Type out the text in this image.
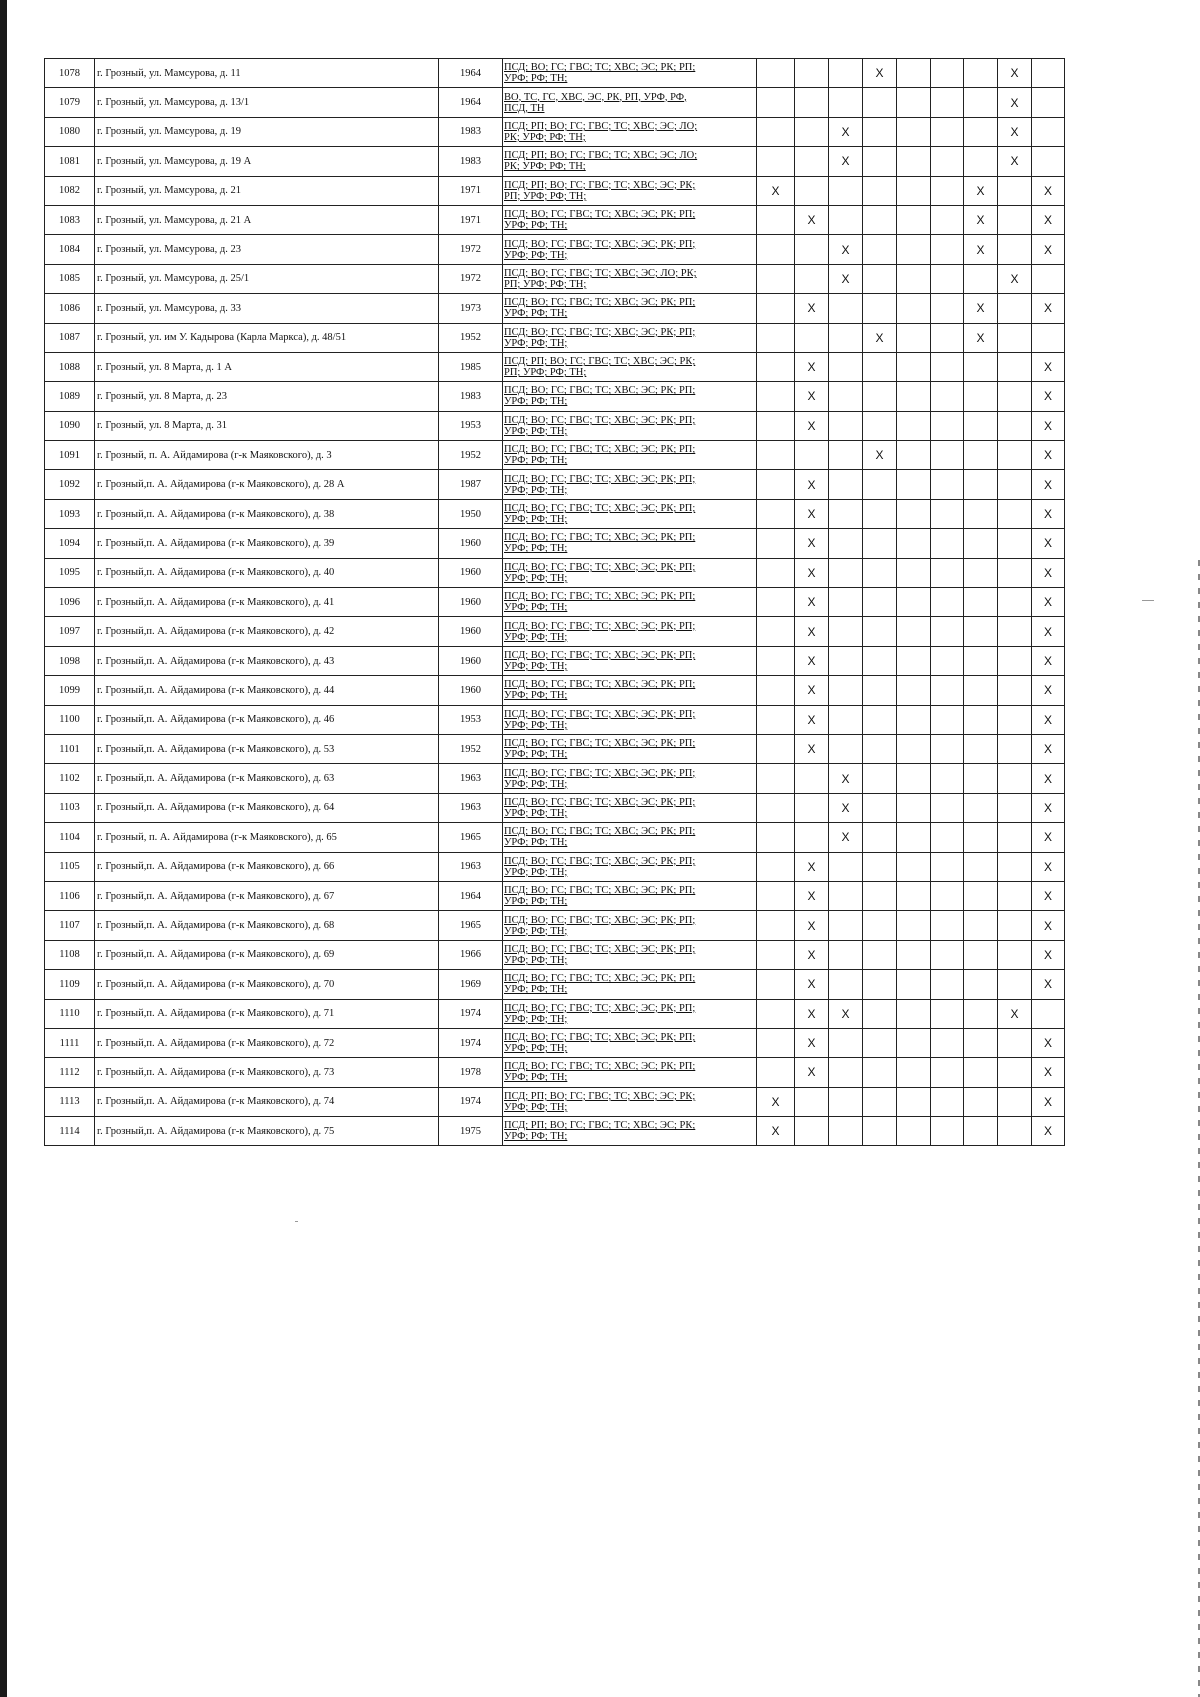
1078	г. Грозный, ул. Мамсурова, д. 11	1964	ПСД; ВО; ГС; ГВС; ТС; ХВС; ЭС; РК; РП;
УРФ; РФ; ТН;				X				X	
1079	г. Грозный, ул. Мамсурова, д. 13/1	1964	ВО, ТС, ГС, ХВС, ЭС, РК, РП, УРФ, РФ,
ПСД, ТН								X	
1080	г. Грозный, ул. Мамсурова, д. 19	1983	ПСД; РП; ВО; ГС; ГВС; ТС; ХВС; ЭС; ЛО;
РК; УРФ; РФ; ТН;			X					X	
1081	г. Грозный, ул. Мамсурова, д. 19 А	1983	ПСД; РП; ВО; ГС; ГВС; ТС; ХВС; ЭС; ЛО;
РК; УРФ; РФ; ТН;			X					X	
1082	г. Грозный, ул. Мамсурова, д. 21	1971	ПСД; РП; ВО; ГС; ГВС; ТС; ХВС; ЭС; РК;
РП; УРФ; РФ; ТН;	X						X		X
1083	г. Грозный, ул. Мамсурова, д. 21 А	1971	ПСД; ВО; ГС; ГВС; ТС; ХВС; ЭС; РК; РП;
УРФ; РФ; ТН;		X					X		X
1084	г. Грозный, ул. Мамсурова, д. 23	1972	ПСД; ВО; ГС; ГВС; ТС; ХВС; ЭС; РК; РП;
УРФ; РФ; ТН;			X				X		X
1085	г. Грозный, ул. Мамсурова, д. 25/1	1972	ПСД; ВО; ГС; ГВС; ТС; ХВС; ЭС; ЛО; РК;
РП; УРФ; РФ; ТН;			X					X	
1086	г. Грозный, ул. Мамсурова, д. 33	1973	ПСД; ВО; ГС; ГВС; ТС; ХВС; ЭС; РК; РП;
УРФ; РФ; ТН;		X					X		X
1087	г. Грозный, ул. им У. Кадырова (Карла Маркса), д. 48/51	1952	ПСД; ВО; ГС; ГВС; ТС; ХВС; ЭС; РК; РП;
УРФ; РФ; ТН;				X			X		
1088	г. Грозный, ул. 8 Марта, д. 1 А	1985	ПСД; РП; ВО; ГС; ГВС; ТС; ХВС; ЭС; РК;
РП; УРФ; РФ; ТН;		X							X
1089	г. Грозный, ул. 8 Марта, д. 23	1983	ПСД; ВО; ГС; ГВС; ТС; ХВС; ЭС; РК; РП;
УРФ; РФ; ТН;		X							X
1090	г. Грозный, ул. 8 Марта, д. 31	1953	ПСД; ВО; ГС; ГВС; ТС; ХВС; ЭС; РК; РП;
УРФ; РФ; ТН;		X							X
1091	г. Грозный, п. А. Айдамирова (г-к Маяковского), д. 3	1952	ПСД; ВО; ГС; ГВС; ТС; ХВС; ЭС; РК; РП;
УРФ; РФ; ТН;				X					X
1092	г. Грозный,п. А. Айдамирова (г-к Маяковского), д. 28 А	1987	ПСД; ВО; ГС; ГВС; ТС; ХВС; ЭС; РК; РП;
УРФ; РФ; ТН;		X							X
1093	г. Грозный,п. А. Айдамирова (г-к Маяковского), д. 38	1950	ПСД; ВО; ГС; ГВС; ТС; ХВС; ЭС; РК; РП;
УРФ; РФ; ТН;		X							X
1094	г. Грозный,п. А. Айдамирова (г-к Маяковского), д. 39	1960	ПСД; ВО; ГС; ГВС; ТС; ХВС; ЭС; РК; РП;
УРФ; РФ; ТН;		X							X
1095	г. Грозный,п. А. Айдамирова (г-к Маяковского), д. 40	1960	ПСД; ВО; ГС; ГВС; ТС; ХВС; ЭС; РК; РП;
УРФ; РФ; ТН;		X							X
1096	г. Грозный,п. А. Айдамирова (г-к Маяковского), д. 41	1960	ПСД; ВО; ГС; ГВС; ТС; ХВС; ЭС; РК; РП;
УРФ; РФ; ТН;		X							X
1097	г. Грозный,п. А. Айдамирова (г-к Маяковского), д. 42	1960	ПСД; ВО; ГС; ГВС; ТС; ХВС; ЭС; РК; РП;
УРФ; РФ; ТН;		X							X
1098	г. Грозный,п. А. Айдамирова (г-к Маяковского), д. 43	1960	ПСД; ВО; ГС; ГВС; ТС; ХВС; ЭС; РК; РП;
УРФ; РФ; ТН;		X							X
1099	г. Грозный,п. А. Айдамирова (г-к Маяковского), д. 44	1960	ПСД; ВО; ГС; ГВС; ТС; ХВС; ЭС; РК; РП;
УРФ; РФ; ТН;		X							X
1100	г. Грозный,п. А. Айдамирова (г-к Маяковского), д. 46	1953	ПСД; ВО; ГС; ГВС; ТС; ХВС; ЭС; РК; РП;
УРФ; РФ; ТН;		X							X
1101	г. Грозный,п. А. Айдамирова (г-к Маяковского), д. 53	1952	ПСД; ВО; ГС; ГВС; ТС; ХВС; ЭС; РК; РП;
УРФ; РФ; ТН;		X							X
1102	г. Грозный,п. А. Айдамирова (г-к Маяковского), д. 63	1963	ПСД; ВО; ГС; ГВС; ТС; ХВС; ЭС; РК; РП;
УРФ; РФ; ТН;			X						X
1103	г. Грозный,п. А. Айдамирова (г-к Маяковского), д. 64	1963	ПСД; ВО; ГС; ГВС; ТС; ХВС; ЭС; РК; РП;
УРФ; РФ; ТН;			X						X
1104	г. Грозный, п. А. Айдамирова (г-к Маяковского), д. 65	1965	ПСД; ВО; ГС; ГВС; ТС; ХВС; ЭС; РК; РП;
УРФ; РФ; ТН;			X						X
1105	г. Грозный,п. А. Айдамирова (г-к Маяковского), д. 66	1963	ПСД; ВО; ГС; ГВС; ТС; ХВС; ЭС; РК; РП;
УРФ; РФ; ТН;		X							X
1106	г. Грозный,п. А. Айдамирова (г-к Маяковского), д. 67	1964	ПСД; ВО; ГС; ГВС; ТС; ХВС; ЭС; РК; РП;
УРФ; РФ; ТН;		X							X
1107	г. Грозный,п. А. Айдамирова (г-к Маяковского), д. 68	1965	ПСД; ВО; ГС; ГВС; ТС; ХВС; ЭС; РК; РП;
УРФ; РФ; ТН;		X							X
1108	г. Грозный,п. А. Айдамирова (г-к Маяковского), д. 69	1966	ПСД; ВО; ГС; ГВС; ТС; ХВС; ЭС; РК; РП;
УРФ; РФ; ТН;		X							X
1109	г. Грозный,п. А. Айдамирова (г-к Маяковского), д. 70	1969	ПСД; ВО; ГС; ГВС; ТС; ХВС; ЭС; РК; РП;
УРФ; РФ; ТН;		X							X
1110	г. Грозный,п. А. Айдамирова (г-к Маяковского), д. 71	1974	ПСД; ВО; ГС; ГВС; ТС; ХВС; ЭС; РК; РП;
УРФ; РФ; ТН;		X	X					X	
1111	г. Грозный,п. А. Айдамирова (г-к Маяковского), д. 72	1974	ПСД; ВО; ГС; ГВС; ТС; ХВС; ЭС; РК; РП;
УРФ; РФ; ТН;		X							X
1112	г. Грозный,п. А. Айдамирова (г-к Маяковского), д. 73	1978	ПСД; ВО; ГС; ГВС; ТС; ХВС; ЭС; РК; РП;
УРФ; РФ; ТН;		X							X
1113	г. Грозный,п. А. Айдамирова (г-к Маяковского), д. 74	1974	ПСД; РП; ВО; ГС; ГВС; ТС; ХВС; ЭС; РК;
УРФ; РФ; ТН;	X								X
1114	г. Грозный,п. А. Айдамирова (г-к Маяковского), д. 75	1975	ПСД; РП; ВО; ГС; ГВС; ТС; ХВС; ЭС; РК;
УРФ; РФ; ТН;	X								X
